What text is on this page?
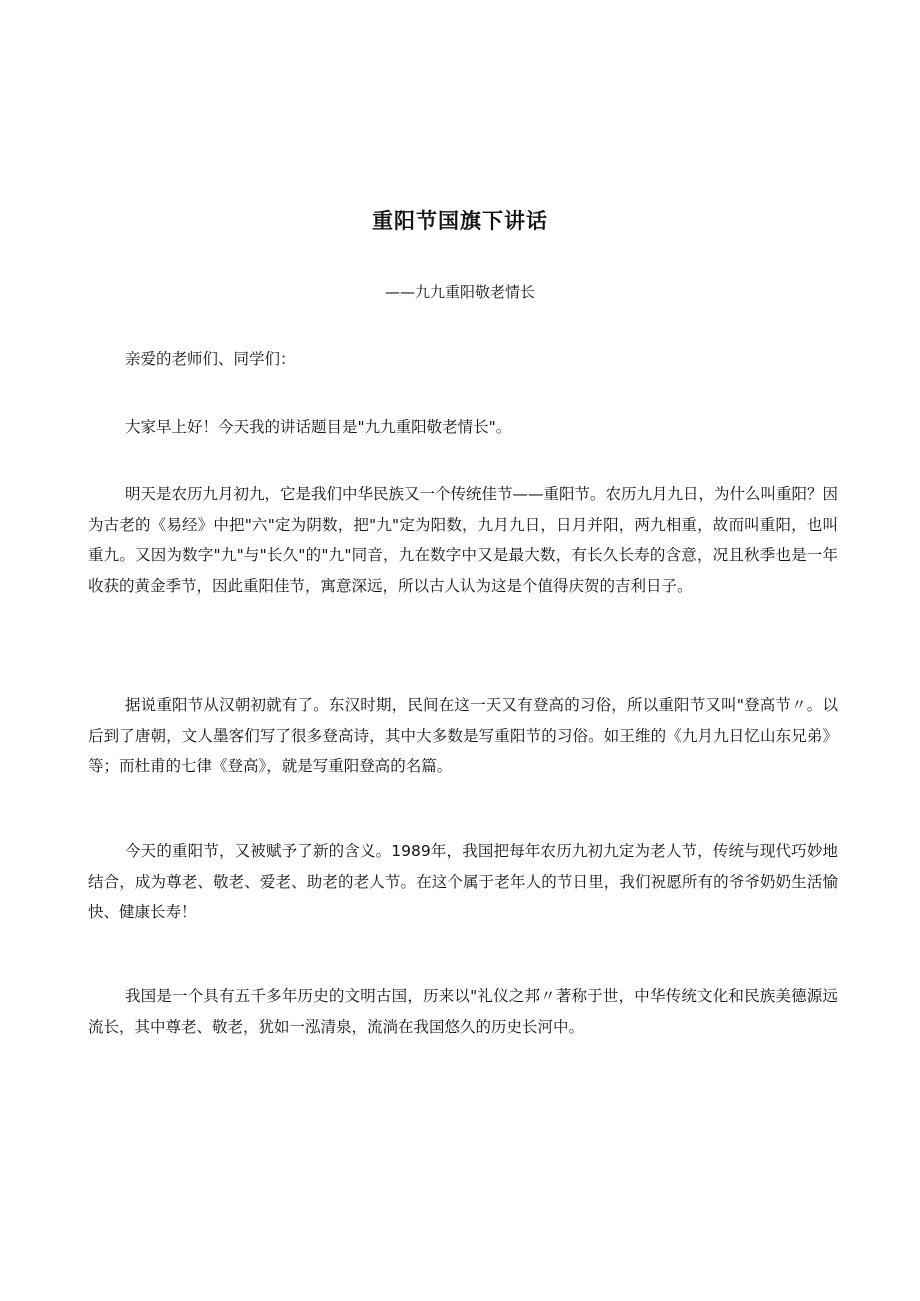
重阳节国旗下讲话
——九九重阳敬老情长

亲爱的老师们、同学们：

大家早上好！今天我的讲话题目是"九九重阳敬老情长"。

明天是农历九月初九，它是我们中华民族又一个传统佳节——重阳节。农历九月九日，为什么叫重阳？因为古老的《易经》中把"六"定为阴数，把"九"定为阳数，九月九日，日月并阳，两九相重，故而叫重阳，也叫重九。又因为数字"九"与"长久"的"九"同音，九在数字中又是最大数，有长久长寿的含意，况且秋季也是一年收获的黄金季节，因此重阳佳节，寓意深远，所以古人认为这是个值得庆贺的吉利日子。

据说重阳节从汉朝初就有了。东汉时期，民间在这一天又有登高的习俗，所以重阳节又叫"登高节〃。以后到了唐朝，文人墨客们写了很多登高诗，其中大多数是写重阳节的习俗。如王维的《九月九日忆山东兄弟》等；而杜甫的七律《登高》，就是写重阳登高的名篇。

今天的重阳节，又被赋予了新的含义。1989年，我国把每年农历九初九定为老人节，传统与现代巧妙地结合，成为尊老、敬老、爱老、助老的老人节。在这个属于老年人的节日里，我们祝愿所有的爷爷奶奶生活愉快、健康长寿！

我国是一个具有五千多年历史的文明古国，历来以"礼仪之邦〃著称于世，中华传统文化和民族美德源远流长，其中尊老、敬老，犹如一泓清泉，流淌在我国悠久的历史长河中。
